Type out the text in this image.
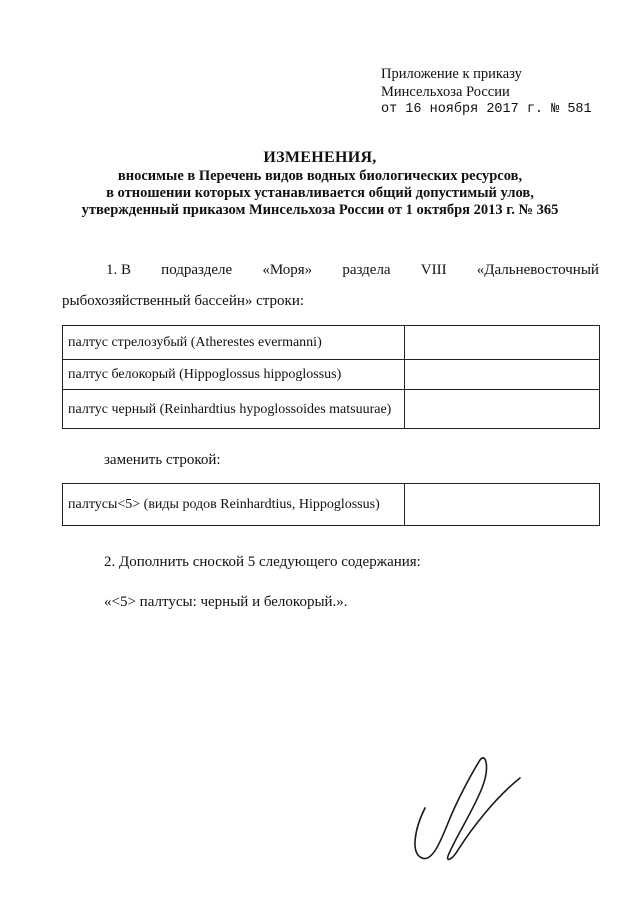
Приложение к приказу
Минсельхоза России
от 16 ноября 2017 г. № 581
ИЗМЕНЕНИЯ,
вносимые в Перечень видов водных биологических ресурсов,
в отношении которых устанавливается общий допустимый улов,
утвержденный приказом Минсельхоза России от 1 октября 2013 г. № 365
1. В подразделе «Моря» раздела VIII «Дальневосточный
рыбохозяйственный бассейн» строки:
палтус стрелозубый (Atherestes evermanni)	
палтус белокорый (Hippoglossus hippoglossus)	
палтус черный (Reinhardtius hypoglossoides matsuurae)	
заменить строкой:
палтусы<5> (виды родов Reinhardtius, Hippoglossus)	
2. Дополнить сноской 5 следующего содержания:
«<5> палтусы: черный и белокорый.».
